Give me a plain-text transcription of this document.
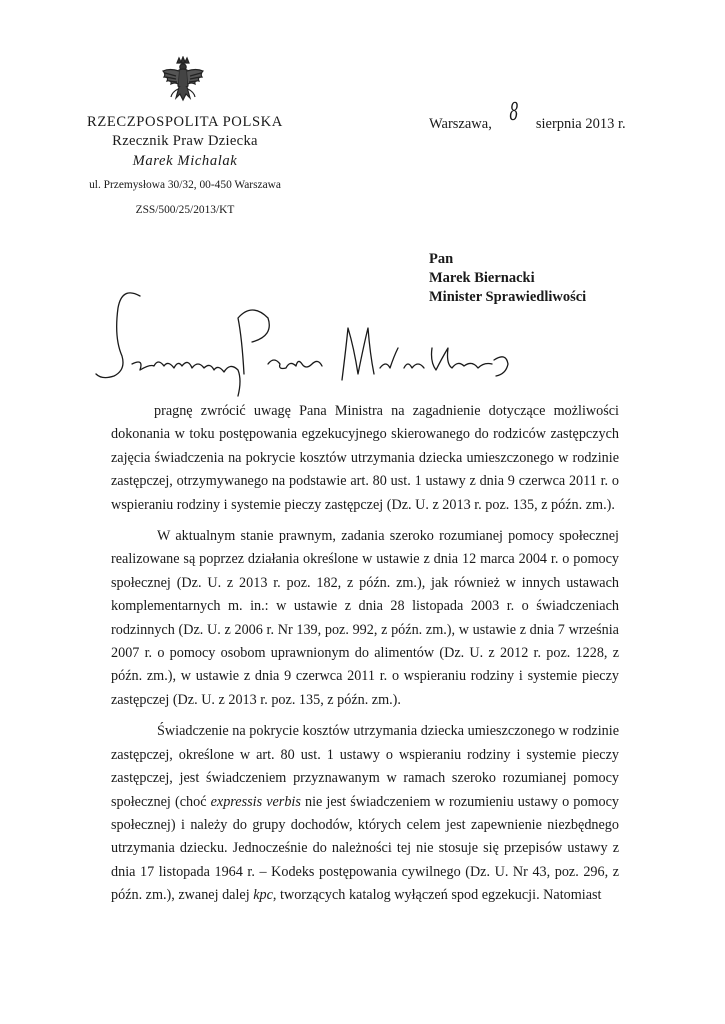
RZECZPOSPOLITA POLSKA
Rzecznik Praw Dziecka
Marek Michalak
ul. Przemysłowa 30/32, 00-450 Warszawa
ZSS/500/25/2013/KT
Warszawa, 8 sierpnia 2013 r.
Pan
Marek Biernacki
Minister Sprawiedliwości
Szanowny Panie Ministrze,

pragnę zwrócić uwagę Pana Ministra na zagadnienie dotyczące możliwości dokonania w toku postępowania egzekucyjnego skierowanego do rodziców zastępczych zajęcia świadczenia na pokrycie kosztów utrzymania dziecka umieszczonego w rodzinie zastępczej, otrzymywanego na podstawie art. 80 ust. 1 ustawy z dnia 9 czerwca 2011 r. o wspieraniu rodziny i systemie pieczy zastępczej (Dz. U. z 2013 r. poz. 135, z późn. zm.).

W aktualnym stanie prawnym, zadania szeroko rozumianej pomocy społecznej realizowane są poprzez działania określone w ustawie z dnia 12 marca 2004 r. o pomocy społecznej (Dz. U. z 2013 r. poz. 182, z późn. zm.), jak również w innych ustawach komplementarnych m. in.: w ustawie z dnia 28 listopada 2003 r. o świadczeniach rodzinnych (Dz. U. z 2006 r. Nr 139, poz. 992, z późn. zm.), w ustawie z dnia 7 września 2007 r. o pomocy osobom uprawnionym do alimentów (Dz. U. z 2012 r. poz. 1228, z późn. zm.), w ustawie z dnia 9 czerwca 2011 r. o wspieraniu rodziny i systemie pieczy zastępczej (Dz. U. z 2013 r. poz. 135, z późn. zm.).

Świadczenie na pokrycie kosztów utrzymania dziecka umieszczonego w rodzinie zastępczej, określone w art. 80 ust. 1 ustawy o wspieraniu rodziny i systemie pieczy zastępczej, jest świadczeniem przyznawanym w ramach szeroko rozumianej pomocy społecznej (choć expressis verbis nie jest świadczeniem w rozumieniu ustawy o pomocy społecznej) i należy do grupy dochodów, których celem jest zapewnienie niezbędnego utrzymania dziecku. Jednocześnie do należności tej nie stosuje się przepisów ustawy z dnia 17 listopada 1964 r. – Kodeks postępowania cywilnego (Dz. U. Nr 43, poz. 296, z późn. zm.), zwanej dalej kpc, tworzących katalog wyłączeń spod egzekucji. Natomiast
